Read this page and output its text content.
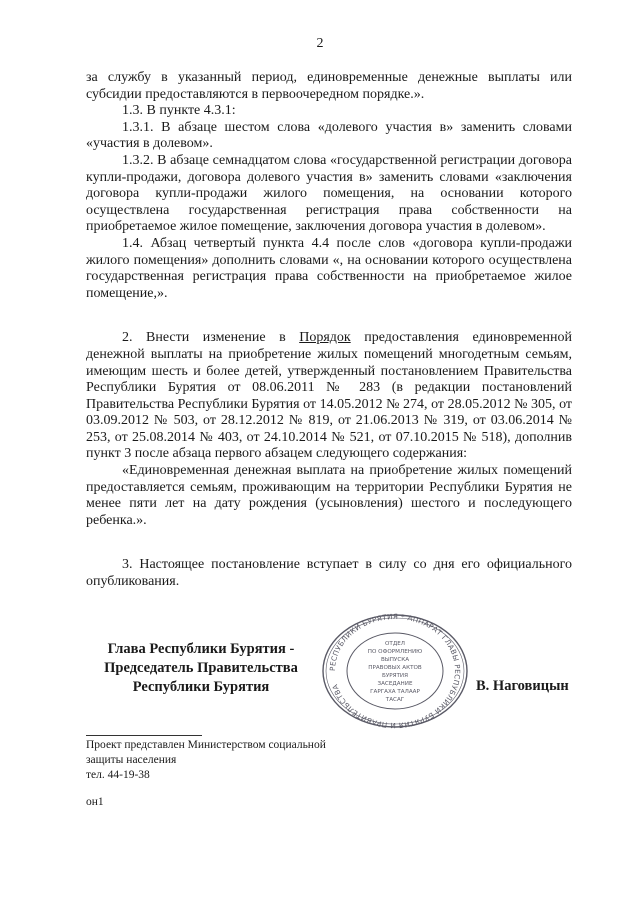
2

за службу в указанный период, единовременные денежные выплаты или субсидии предоставляются в первоочередном порядке.».

1.3. В пункте 4.3.1:

1.3.1. В абзаце шестом слова «долевого участия в» заменить словами «участия в долевом».

1.3.2. В абзаце семнадцатом слова «государственной регистрации договора купли-продажи, договора долевого участия в» заменить словами «заключения договора купли-продажи жилого помещения, на основании которого осуществлена государственная регистрация права собственности на приобретаемое жилое помещение, заключения договора участия в долевом».

1.4. Абзац четвертый пункта 4.4 после слов «договора купли-продажи жилого помещения» дополнить словами «, на основании которого осуществлена государственная регистрация права собственности на приобретаемое жилое помещение,».

2. Внести изменение в Порядок предоставления единовременной денежной выплаты на приобретение жилых помещений многодетным семьям, имеющим шесть и более детей, утвержденный постановлением Правительства Республики Бурятия от 08.06.2011 № 283 (в редакции постановлений Правительства Республики Бурятия от 14.05.2012 № 274, от 28.05.2012 № 305, от 03.09.2012 № 503, от 28.12.2012 № 819, от 21.06.2013 № 319, от 03.06.2014 № 253, от 25.08.2014 № 403, от 24.10.2014 № 521, от 07.10.2015 № 518), дополнив пункт 3 после абзаца первого абзацем следующего содержания:

«Единовременная денежная выплата на приобретение жилых помещений предоставляется семьям, проживающим на территории Республики Бурятия не менее пяти лет на дату рождения (усыновления) шестого и последующего ребенка.».

3. Настоящее постановление вступает в силу со дня его официального опубликования.

Глава Республики Бурятия -
Председатель Правительства
Республики Бурятия
РЕСПУБЛИКИ БУРЯТИЯ * АППАРАТ ГЛАВЫ РЕСПУБЛИКИ БУРЯТИЯ И ПРАВИТЕЛЬСТВА
ОТДЕЛ
ПО ОФОРМЛЕНИЮ
ВЫПУСКА
ПРАВОВЫХ АКТОВ
БУРЯТИЯ
ЗАСЕДАНИЕ
ГАРГАХА ТАЛААР
ТАСАГ
В. Наговицын
Проект представлен Министерством социальной
защиты населения
тел. 44-19-38
он1
